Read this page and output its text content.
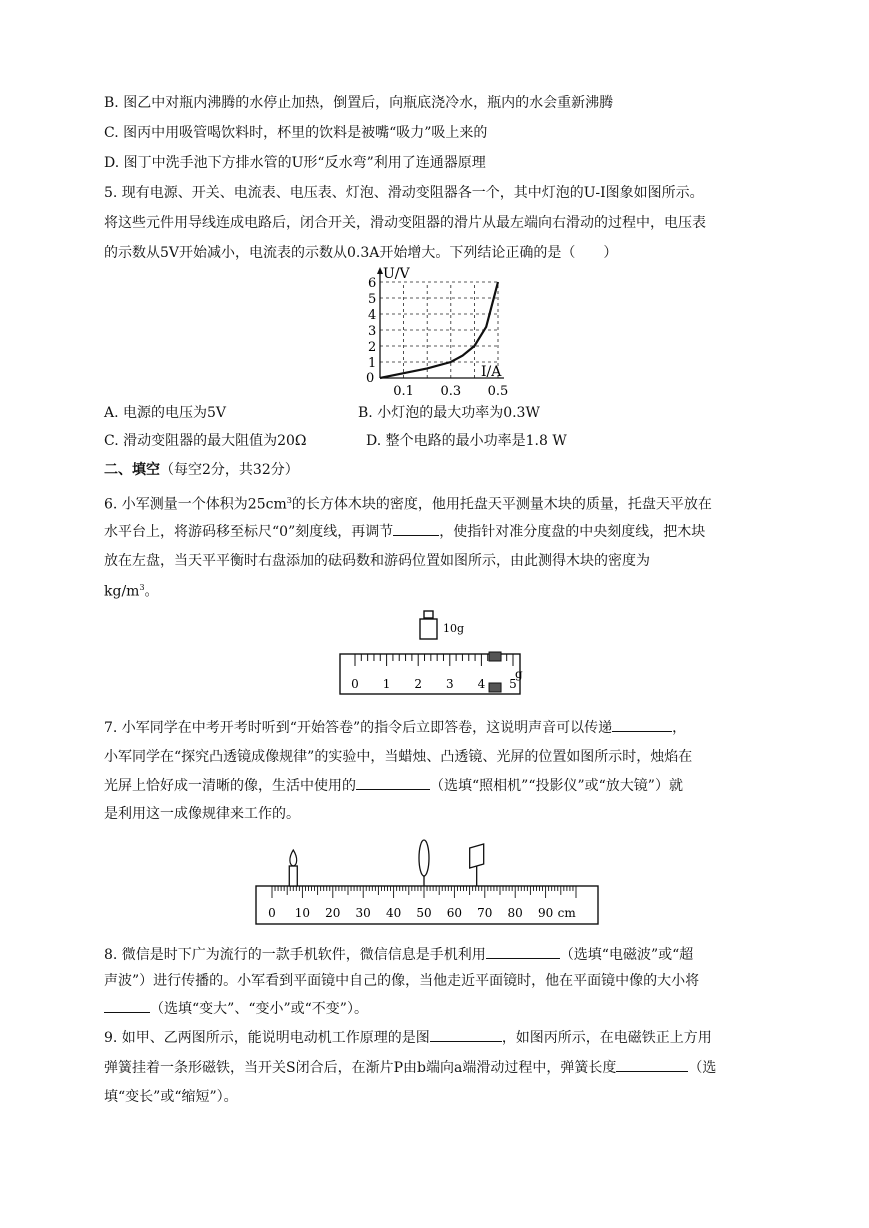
B. 图乙中对瓶内沸腾的水停止加热，倒置后，向瓶底浇冷水，瓶内的水会重新沸腾
C. 图丙中用吸管喝饮料时，杯里的饮料是被嘴“吸力”吸上来的
D. 图丁中洗手池下方排水管的U形“反水弯”利用了连通器原理
5. 现有电源、开关、电流表、电压表、灯泡、滑动变阻器各一个，其中灯泡的U-I图象如图所示。
将这些元件用导线连成电路后，闭合开关，滑动变阻器的滑片从最左端向右滑动的过程中，电压表
的示数从5V开始减小，电流表的示数从0.3A开始增大。下列结论正确的是（　　）
U/V
I/A
0
1
2
3
4
5
6
0.1 0.3 0.5
A. 电源的电压为5V	B. 小灯泡的最大功率为0.3W
C. 滑动变阻器的最大阻值为20Ω	D. 整个电路的最小功率是1.8 W
二、填空（每空2分，共32分）
6. 小军测量一个体积为$25cm^3$的长方体木块的密度，他用托盘天平测量木块的质量，托盘天平放在
水平台上，将游码移至标尺“0”刻度线，再调节	，使指针对准分度盘的中央刻度线，把木块
放在左盘，当天平平衡时右盘添加的砝码数和游码位置如图所示，由此测得木块的密度为
$kg/m^3$。
10g
0 1 2 3 4 5
g
7. 小军同学在中考开考时听到“开始答卷”的指令后立即答卷，这说明声音可以传递	，
小军同学在“探究凸透镜成像规律”的实验中，当蜡烛、凸透镜、光屏的位置如图所示时，烛焰在
光屏上恰好成一清晰的像，生活中使用的	（选填“照相机”“投影仪”或“放大镜”）就
是利用这一成像规律来工作的。
0 10 20 30 40 50 60 70 80 90 cm
8. 微信是时下广为流行的一款手机软件，微信信息是手机利用	（选填“电磁波”或“超
声波”）进行传播的。小军看到平面镜中自己的像，当他走近平面镜时，他在平面镜中像的大小将
（选填“变大”、“变小”或“不变”）。
9. 如甲、乙两图所示，能说明电动机工作原理的是图	，如图丙所示，在电磁铁正上方用
弹簧挂着一条形磁铁，当开关S闭合后，在渐片P由b端向a端滑动过程中，弹簧长度	（选
填“变长”或“缩短”）。
